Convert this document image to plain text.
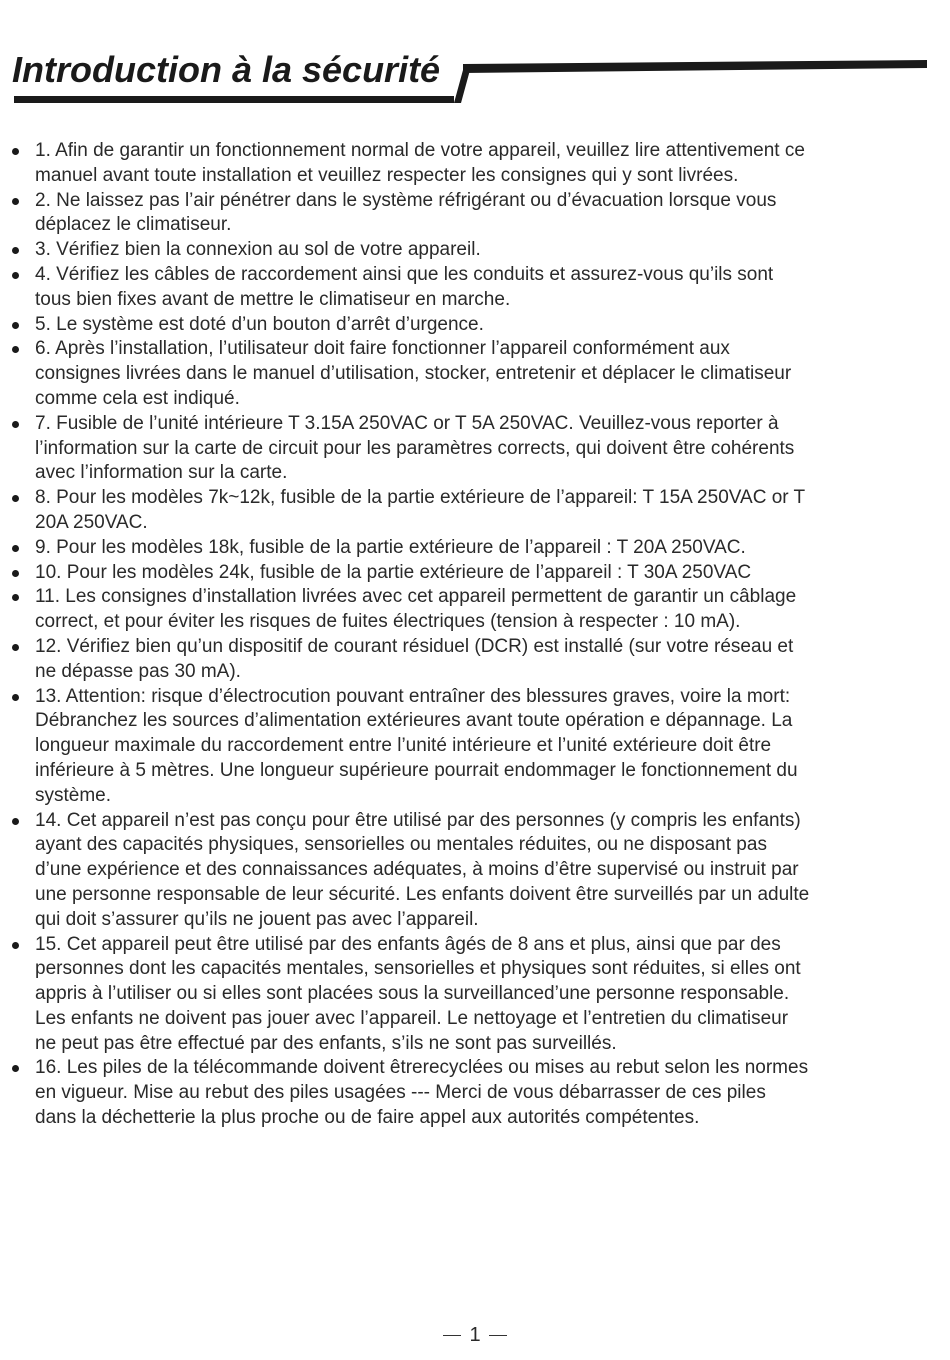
Introduction à la sécurité
1. Afin de garantir un fonctionnement normal de votre appareil, veuillez lire attentivement ce
manuel avant toute installation et veuillez respecter les consignes qui y sont livrées.
2. Ne laissez pas l’air pénétrer dans le système réfrigérant ou d’évacuation lorsque vous
déplacez le climatiseur.
3. Vérifiez bien la connexion au sol de votre appareil.
4. Vérifiez les câbles de raccordement ainsi que les conduits et assurez-vous qu’ils sont
tous bien fixes avant de mettre le climatiseur en marche.
5. Le système est doté d’un bouton d’arrêt d’urgence.
6. Après l’installation, l’utilisateur doit faire fonctionner l’appareil conformément aux
consignes livrées dans le manuel d’utilisation, stocker, entretenir et déplacer le climatiseur
comme cela est indiqué.
7. Fusible de l’unité intérieure T 3.15A 250VAC or T 5A 250VAC. Veuillez-vous reporter à
l’information sur la carte de circuit pour les paramètres corrects, qui doivent être cohérents
avec l’information sur la carte.
8. Pour les modèles 7k~12k, fusible de la partie extérieure de l’appareil: T 15A 250VAC or T
20A 250VAC.
9. Pour les modèles 18k, fusible de la partie extérieure de l’appareil : T 20A 250VAC.
10. Pour les modèles 24k, fusible de la partie extérieure de l’appareil : T 30A 250VAC
11. Les consignes d’installation livrées avec cet appareil permettent de garantir un câblage
correct, et pour éviter les risques de fuites électriques (tension à respecter : 10 mA).
12. Vérifiez bien qu’un dispositif de courant résiduel (DCR) est installé (sur votre réseau et
ne dépasse pas 30 mA).
13. Attention: risque d’électrocution pouvant entraîner des blessures graves, voire la mort:
Débranchez les sources d’alimentation extérieures avant toute opération e dépannage. La
longueur maximale du raccordement entre l’unité intérieure et l’unité extérieure doit être
inférieure à 5 mètres. Une longueur supérieure pourrait endommager le fonctionnement du
système.
14. Cet appareil n’est pas conçu pour être utilisé par des personnes (y compris les enfants)
ayant des capacités physiques, sensorielles ou mentales réduites, ou ne disposant pas
d’une expérience et des connaissances adéquates, à moins d’être supervisé ou instruit par
une personne responsable de leur sécurité. Les enfants doivent être surveillés par un adulte
qui doit s’assurer qu’ils ne jouent pas avec l’appareil.
15. Cet appareil peut être utilisé par des enfants âgés de 8 ans et plus, ainsi que par des
personnes dont les capacités mentales, sensorielles et physiques sont réduites, si elles ont
appris à l’utiliser ou si elles sont placées sous la surveillanced’une personne responsable.
Les enfants ne doivent pas jouer avec l’appareil. Le nettoyage et l’entretien du climatiseur
ne peut pas être effectué par des enfants, s’ils ne sont pas surveillés.
16. Les piles de la télécommande doivent êtrerecyclées ou mises au rebut selon les normes
en vigueur. Mise au rebut des piles usagées --- Merci de vous débarrasser de ces piles
dans la déchetterie la plus proche ou de faire appel aux autorités compétentes.
1
